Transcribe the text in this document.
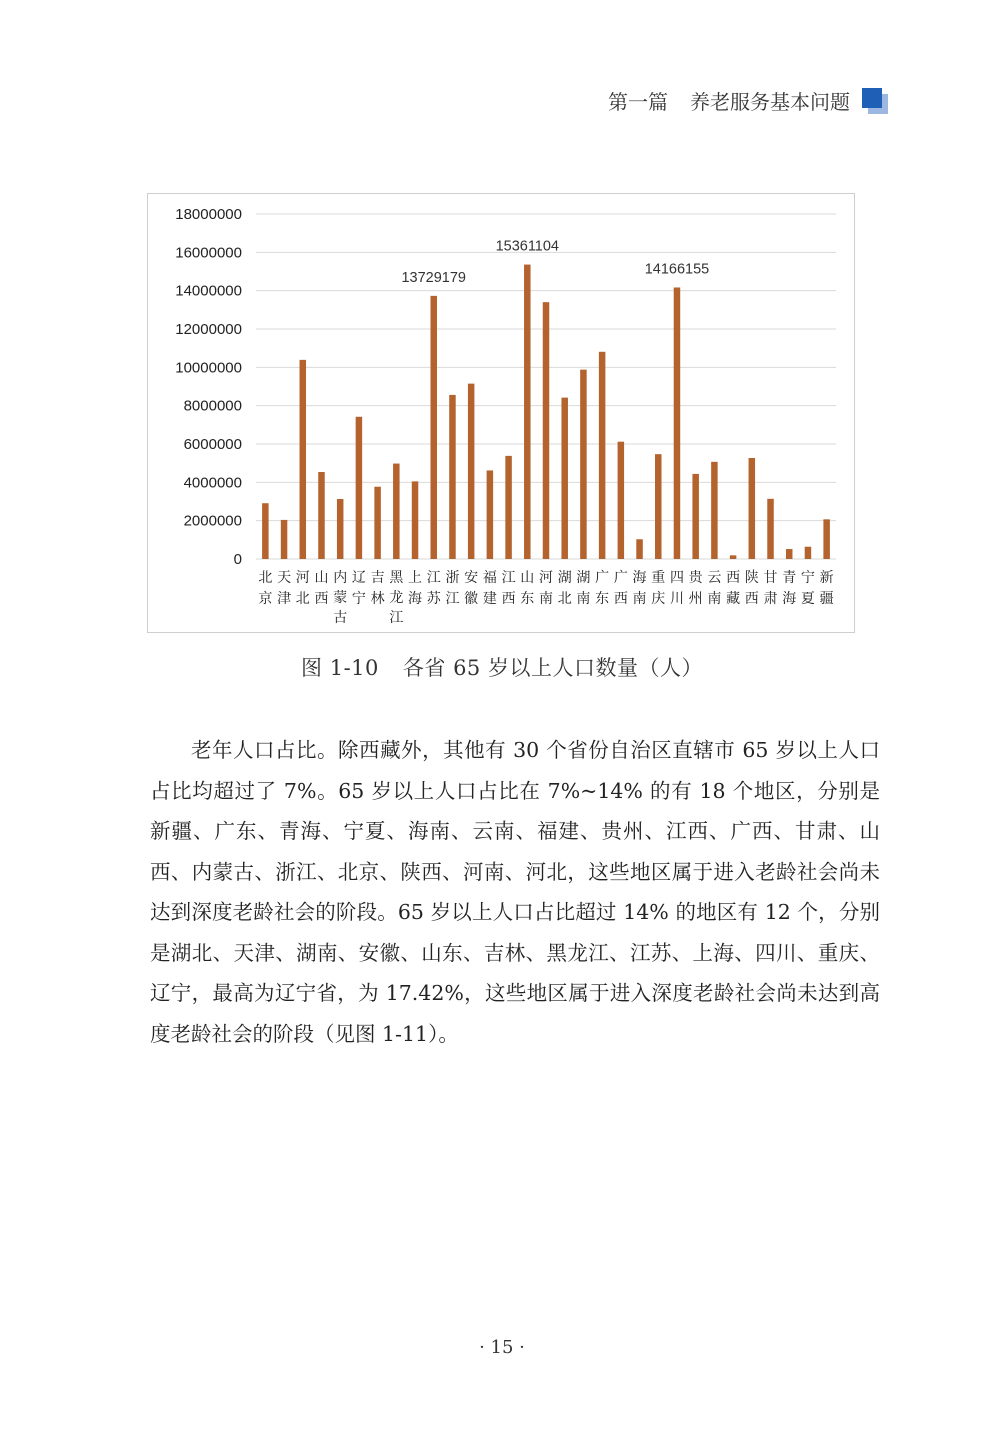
第一篇 养老服务基本问题
0
2000000
4000000
6000000
8000000
10000000
12000000
14000000
16000000
18000000
北京
天津
河北
山西
内蒙古
辽宁
吉林
黑龙江
上海
江苏
浙江
安徽
福建
江西
山东
河南
湖北
湖南
广东
广西
海南
重庆
四川
贵州
云南
西藏
陕西
甘肃
青海
宁夏
新疆
13729179
15361104
14166155
图 1-10 各省 65 岁以上人口数量（人）
老年人口占比。除西藏外，其他有 30 个省份自治区直辖市 65 岁以上人口占比均超过了 7%。65 岁以上人口占比在 7%~14% 的有 18 个地区，分别是新疆、广东、青海、宁夏、海南、云南、福建、贵州、江西、广西、甘肃、山西、内蒙古、浙江、北京、陕西、河南、河北，这些地区属于进入老龄社会尚未达到深度老龄社会的阶段。65 岁以上人口占比超过 14% 的地区有 12 个，分别是湖北、天津、湖南、安徽、山东、吉林、黑龙江、江苏、上海、四川、重庆、辽宁，最高为辽宁省，为 17.42%，这些地区属于进入深度老龄社会尚未达到高度老龄社会的阶段（见图 1-11）。
· 15 ·
